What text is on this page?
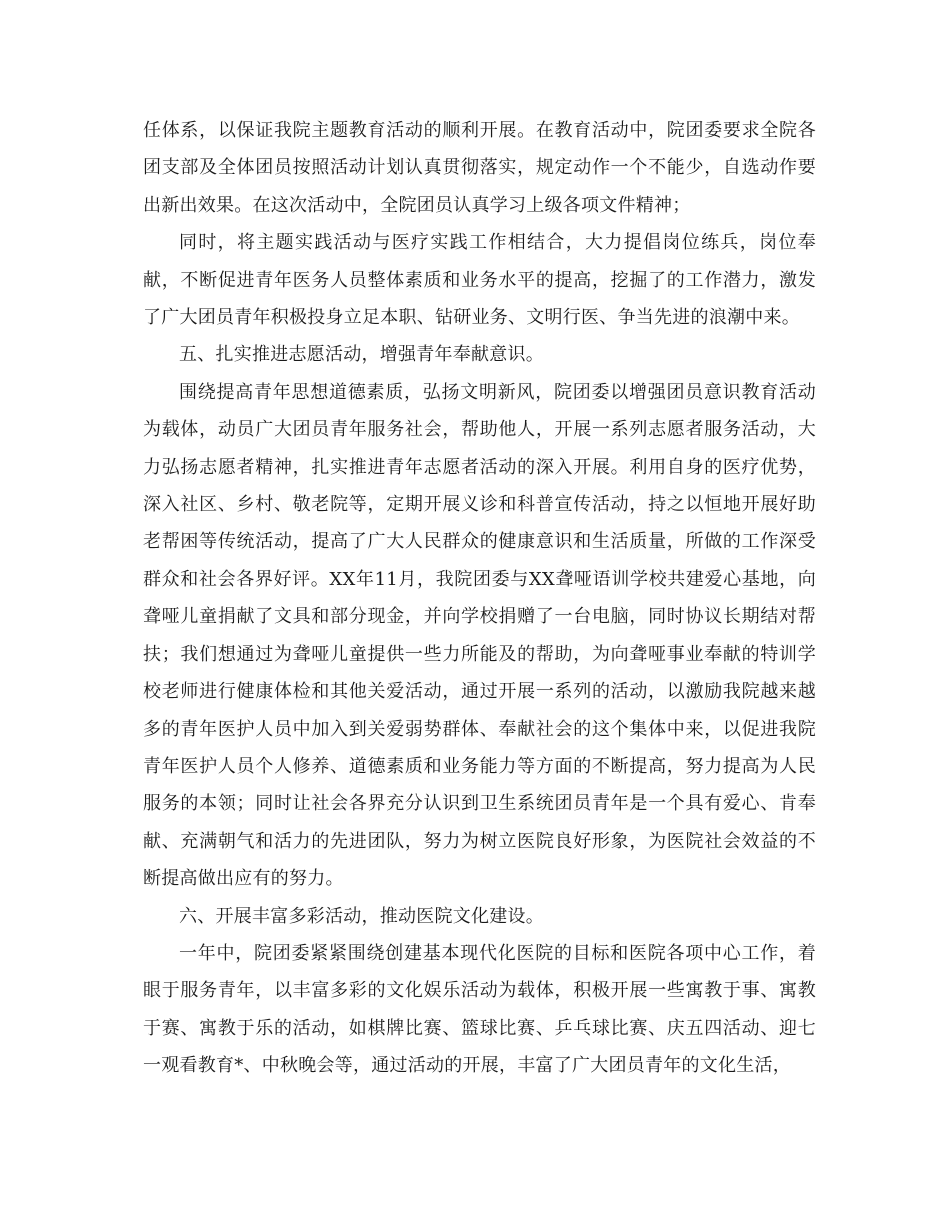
任体系，以保证我院主题教育活动的顺利开展。在教育活动中，院团委要求全院各团支部及全体团员按照活动计划认真贯彻落实，规定动作一个不能少，自选动作要出新出效果。在这次活动中，全院团员认真学习上级各项文件精神；

同时，将主题实践活动与医疗实践工作相结合，大力提倡岗位练兵，岗位奉献，不断促进青年医务人员整体素质和业务水平的提高，挖掘了的工作潜力，激发了广大团员青年积极投身立足本职、钻研业务、文明行医、争当先进的浪潮中来。

五、扎实推进志愿活动，增强青年奉献意识。

围绕提高青年思想道德素质，弘扬文明新风，院团委以增强团员意识教育活动为载体，动员广大团员青年服务社会，帮助他人，开展一系列志愿者服务活动，大力弘扬志愿者精神，扎实推进青年志愿者活动的深入开展。利用自身的医疗优势，深入社区、乡村、敬老院等，定期开展义诊和科普宣传活动，持之以恒地开展好助老帮困等传统活动，提高了广大人民群众的健康意识和生活质量，所做的工作深受群众和社会各界好评。XX年11月，我院团委与XX聋哑语训学校共建爱心基地，向聋哑儿童捐献了文具和部分现金，并向学校捐赠了一台电脑，同时协议长期结对帮扶；我们想通过为聋哑儿童提供一些力所能及的帮助，为向聋哑事业奉献的特训学校老师进行健康体检和其他关爱活动，通过开展一系列的活动，以激励我院越来越多的青年医护人员中加入到关爱弱势群体、奉献社会的这个集体中来，以促进我院青年医护人员个人修养、道德素质和业务能力等方面的不断提高，努力提高为人民服务的本领；同时让社会各界充分认识到卫生系统团员青年是一个具有爱心、肯奉献、充满朝气和活力的先进团队，努力为树立医院良好形象，为医院社会效益的不断提高做出应有的努力。

六、开展丰富多彩活动，推动医院文化建设。

一年中，院团委紧紧围绕创建基本现代化医院的目标和医院各项中心工作，着眼于服务青年，以丰富多彩的文化娱乐活动为载体，积极开展一些寓教于事、寓教于赛、寓教于乐的活动，如棋牌比赛、篮球比赛、乒乓球比赛、庆五四活动、迎七一观看教育*、中秋晚会等，通过活动的开展，丰富了广大团员青年的文化生活，
